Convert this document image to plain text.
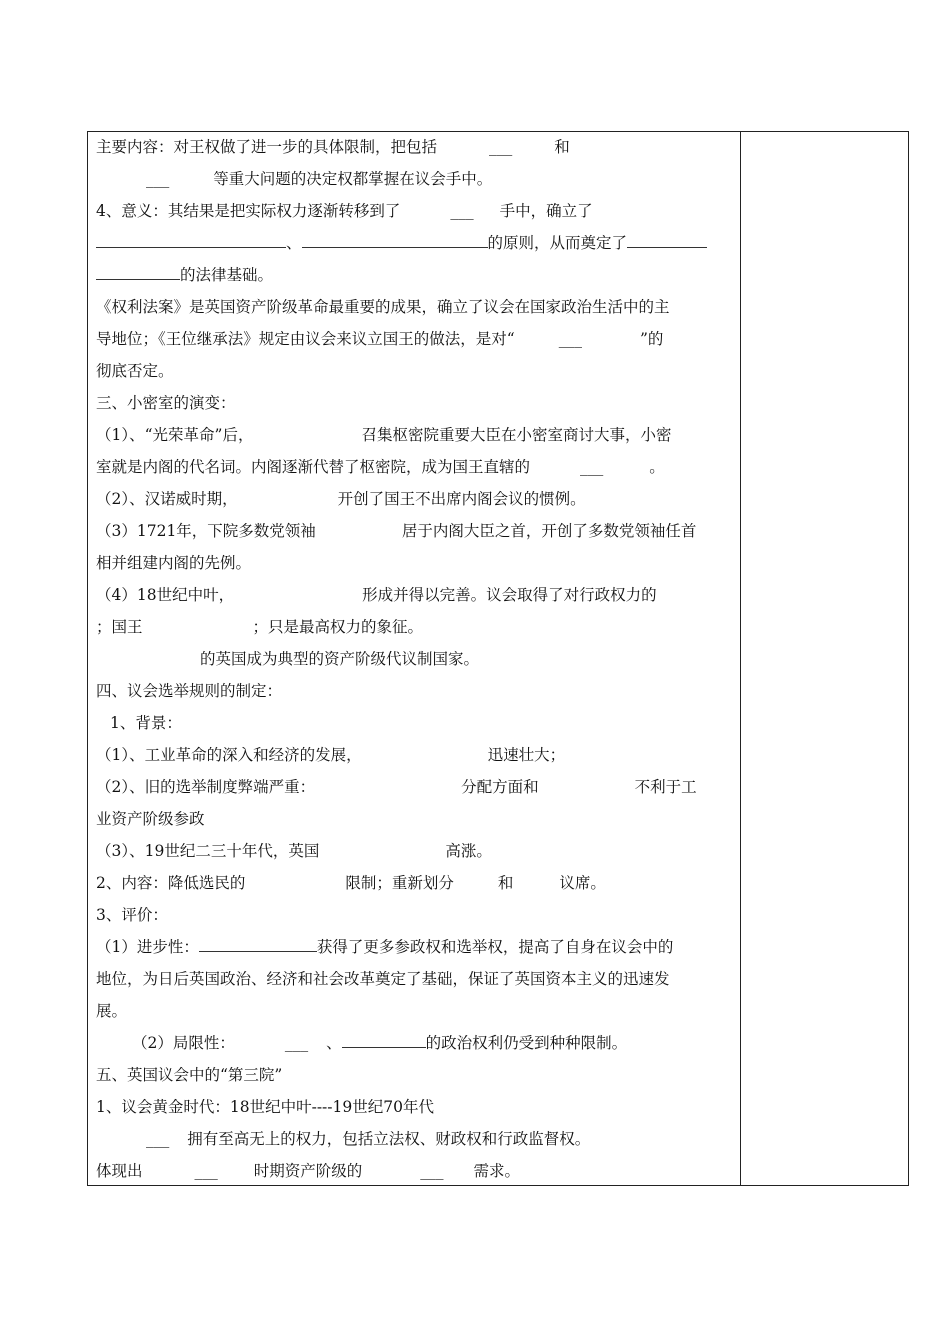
主要内容：对王权做了进一步的具体限制，把包括	___	和
___	等重大问题的决定权都掌握在议会手中。
4、意义：其结果是把实际权力逐渐转移到了	___ 手中，确立了
、	的原则，从而奠定了
的法律基础。
《权利法案》是英国资产阶级革命最重要的成果，确立了议会在国家政治生活中的主
导地位；《王位继承法》规定由议会来议立国王的做法，是对“	___	”的
彻底否定。
三、小密室的演变：
（1）、“光荣革命”后，	召集枢密院重要大臣在小密室商讨大事，小密
室就是内阁的代名词。内阁逐渐代替了枢密院，成为国王直辖的	___	。
（2）、汉诺威时期，	开创了国王不出席内阁会议的惯例。
（3）1721年，下院多数党领袖	居于内阁大臣之首，开创了多数党领袖任首
相并组建内阁的先例。
（4）18世纪中叶，	形成并得以完善。议会取得了对行政权力的
；国王	；只是最高权力的象征。
的英国成为典型的资产阶级代议制国家。
四、议会选举规则的制定：
1、背景：
（1）、工业革命的深入和经济的发展，	迅速壮大；
（2）、旧的选举制度弊端严重：	分配方面和	不利于工
业资产阶级参政
（3）、19世纪二三十年代，英国	高涨。
2、内容：降低选民的	限制；重新划分	和	议席。
3、评价：
（1）进步性：	获得了更多参政权和选举权，提高了自身在议会中的
地位，为日后英国政治、经济和社会改革奠定了基础，保证了英国资本主义的迅速发
展。
（2）局限性：	___ 、	的政治权利仍受到种种限制。
五、英国议会中的“第三院”
1、议会黄金时代：18世纪中叶----19世纪70年代
___ 拥有至高无上的权力，包括立法权、财政权和行政监督权。
体现出	___ 时期资产阶级的	___ 需求。
